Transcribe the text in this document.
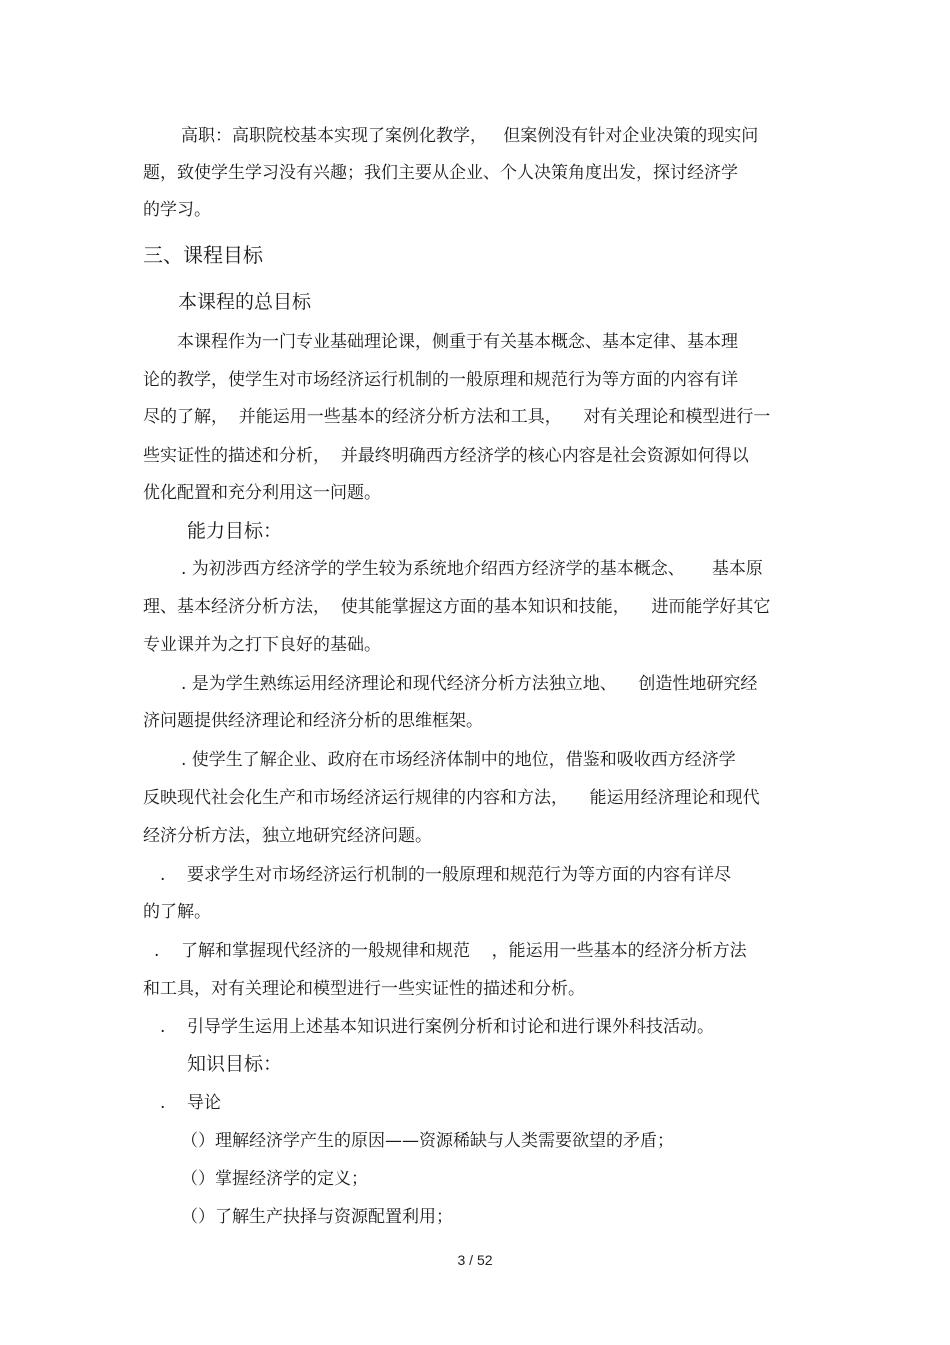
高职：高职院校基本实现了案例化教学，   但案例没有针对企业决策的现实问
题，致使学生学习没有兴趣；我们主要从企业、个人决策角度出发，探讨经济学
的学习。
三、课程目标
本课程的总目标
本课程作为一门专业基础理论课，侧重于有关基本概念、基本定律、基本理
论的教学，使学生对市场经济运行机制的一般原理和规范行为等方面的内容有详
尽的了解，  并能运用一些基本的经济分析方法和工具，    对有关理论和模型进行一
些实证性的描述和分析，  并最终明确西方经济学的核心内容是社会资源如何得以
优化配置和充分利用这一问题。
能力目标：
. 为初涉西方经济学的学生较为系统地介绍西方经济学的基本概念、     基本原
理、基本经济分析方法，  使其能掌握这方面的基本知识和技能，    进而能学好其它
专业课并为之打下良好的基础。
. 是为学生熟练运用经济理论和现代经济分析方法独立地、    创造性地研究经
济问题提供经济理论和经济分析的思维框架。
. 使学生了解企业、政府在市场经济体制中的地位，借鉴和吸收西方经济学
反映现代社会化生产和市场经济运行规律的内容和方法，    能运用经济理论和现代
经济分析方法，独立地研究经济问题。
.    要求学生对市场经济运行机制的一般原理和规范行为等方面的内容有详尽
的了解。
.    了解和掌握现代经济的一般规律和规范    ，能运用一些基本的经济分析方法
和工具，对有关理论和模型进行一些实证性的描述和分析。
.    引导学生运用上述基本知识进行案例分析和讨论和进行课外科技活动。
知识目标：
.    导论
（）理解经济学产生的原因——资源稀缺与人类需要欲望的矛盾；
（）掌握经济学的定义；
（）了解生产抉择与资源配置利用；
3 / 52
